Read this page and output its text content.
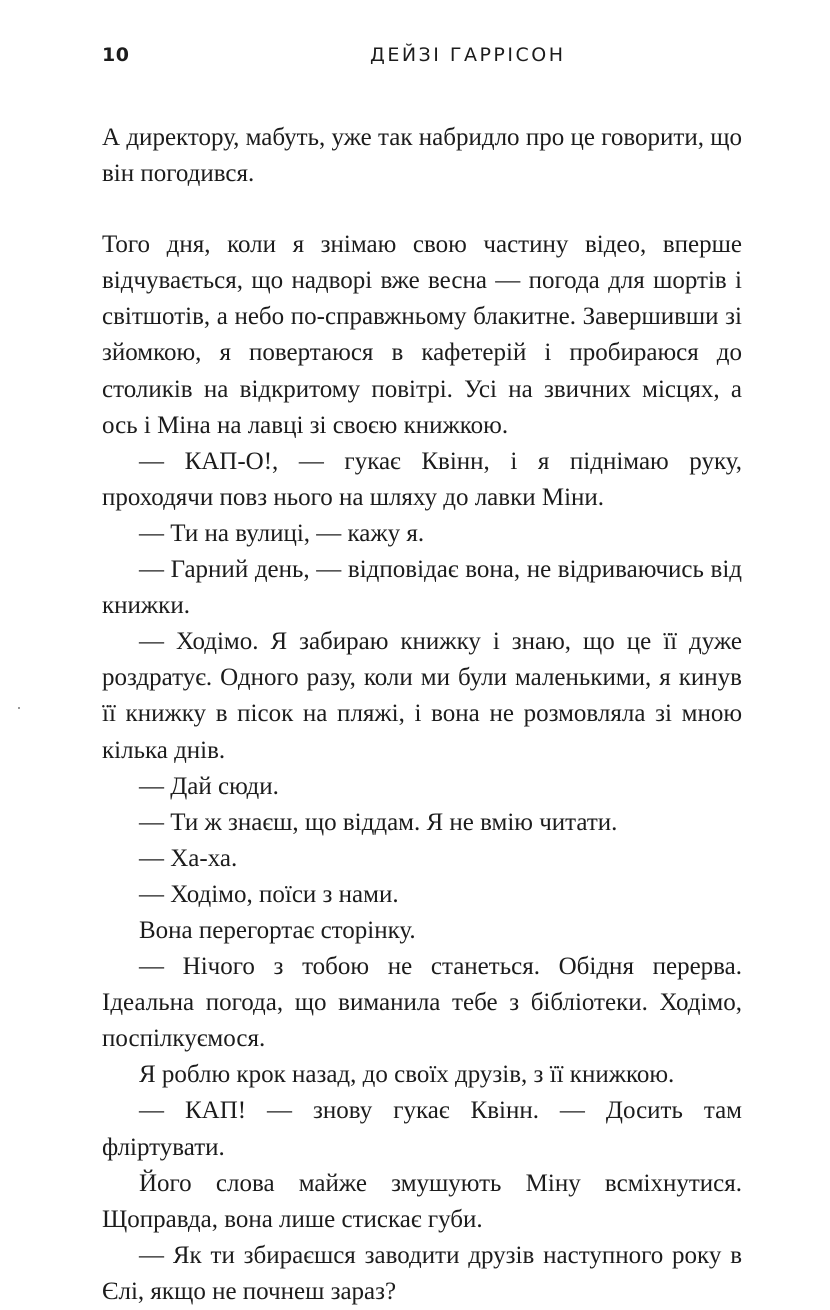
10	ДЕЙЗІ ГАРРІСОН

А директору, мабуть, уже так набридло про це говорити, що він погодився.

Того дня, коли я знімаю свою частину відео, вперше відчувається, що надворі вже весна — погода для шортів і світшотів, а небо по-справжньому блакитне. Завершивши зі зйомкою, я повертаюся в кафетерій і пробираюся до столиків на відкритому повітрі. Усі на звичних місцях, а ось і Міна на лавці зі своєю книжкою.

— КАП-О!, — гукає Квінн, і я піднімаю руку, проходячи повз нього на шляху до лавки Міни.

— Ти на вулиці, — кажу я.

— Гарний день, — відповідає вона, не відриваючись від книжки.

— Ходімо. Я забираю книжку і знаю, що це її дуже роздратує. Одного разу, коли ми були маленькими, я кинув її книжку в пісок на пляжі, і вона не розмовляла зі мною кілька днів.

— Дай сюди.

— Ти ж знаєш, що віддам. Я не вмію читати.

— Ха-ха.

— Ходімо, поїси з нами.

Вона перегортає сторінку.

— Нічого з тобою не станеться. Обідня перерва. Ідеальна погода, що виманила тебе з бібліотеки. Ходімо, поспілкуємося.

Я роблю крок назад, до своїх друзів, з її книжкою.

— КАП! — знову гукає Квінн. — Досить там фліртувати.

Його слова майже змушують Міну всміхнутися. Щоправда, вона лише стискає губи.

— Як ти збираєшся заводити друзів наступного року в Єлі, якщо не почнеш зараз?
